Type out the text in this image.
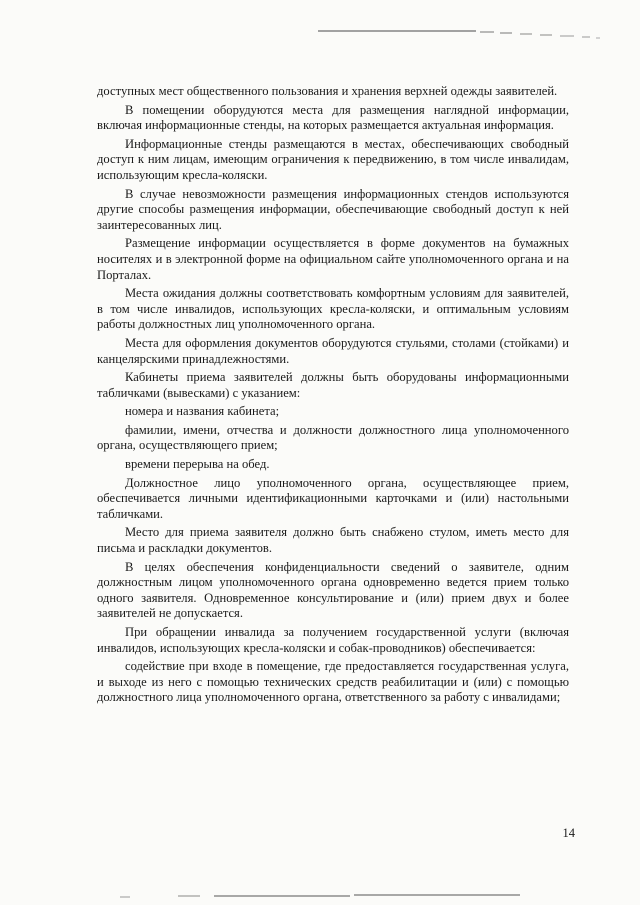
доступных мест общественного пользования и хранения верхней одежды заявителей.

В помещении оборудуются места для размещения наглядной информации, включая информационные стенды, на которых размещается актуальная информация.

Информационные стенды размещаются в местах, обеспечивающих свободный доступ к ним лицам, имеющим ограничения к передвижению, в том числе инвалидам, использующим кресла-коляски.

В случае невозможности размещения информационных стендов используются другие способы размещения информации, обеспечивающие свободный доступ к ней заинтересованных лиц.

Размещение информации осуществляется в форме документов на бумажных носителях и в электронной форме на официальном сайте уполномоченного органа и на Порталах.

Места ожидания должны соответствовать комфортным условиям для заявителей, в том числе инвалидов, использующих кресла-коляски, и оптимальным условиям работы должностных лиц уполномоченного органа.

Места для оформления документов оборудуются стульями, столами (стойками) и канцелярскими принадлежностями.

Кабинеты приема заявителей должны быть оборудованы информационными табличками (вывесками) с указанием:

номера и названия кабинета;

фамилии, имени, отчества и должности должностного лица уполномоченного органа, осуществляющего прием;

времени перерыва на обед.

Должностное лицо уполномоченного органа, осуществляющее прием, обеспечивается личными идентификационными карточками и (или) настольными табличками.

Место для приема заявителя должно быть снабжено стулом, иметь место для письма и раскладки документов.

В целях обеспечения конфиденциальности сведений о заявителе, одним должностным лицом уполномоченного органа одновременно ведется прием только одного заявителя. Одновременное консультирование и (или) прием двух и более заявителей не допускается.

При обращении инвалида за получением государственной услуги (включая инвалидов, использующих кресла-коляски и собак-проводников) обеспечивается:

содействие при входе в помещение, где предоставляется государственная услуга, и выходе из него с помощью технических средств реабилитации и (или) с помощью должностного лица уполномоченного органа, ответственного за работу с инвалидами;

14
